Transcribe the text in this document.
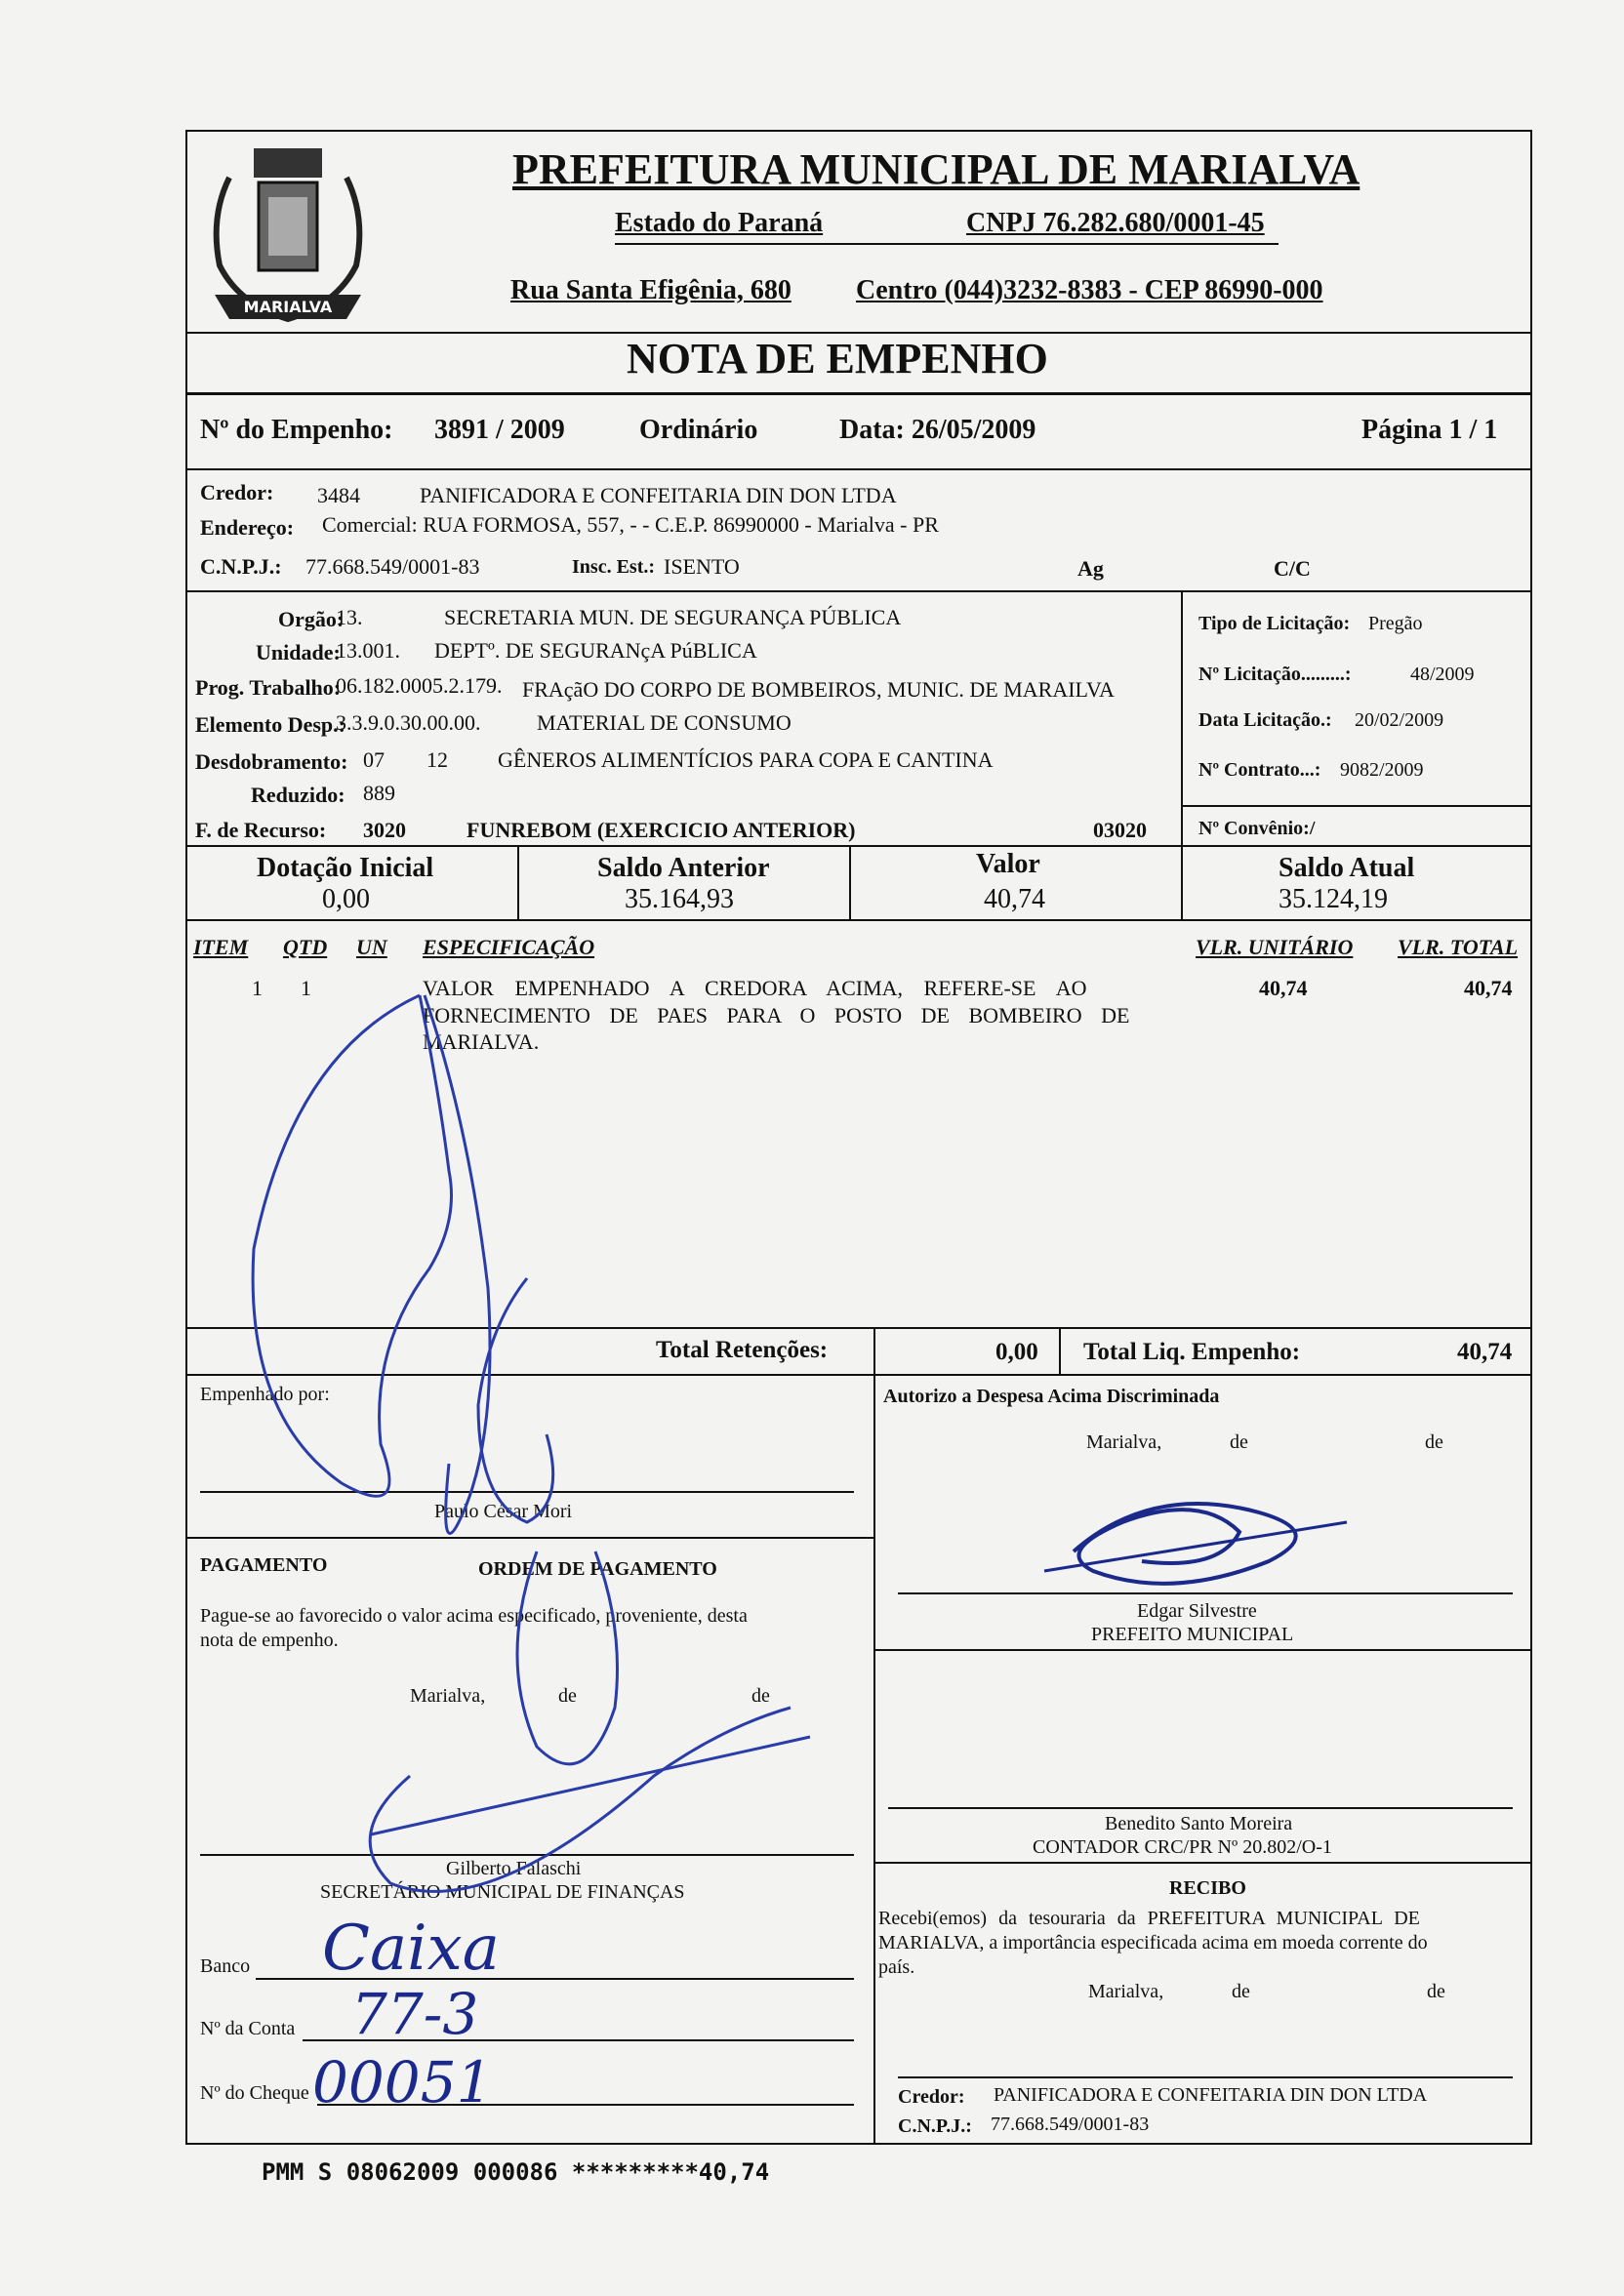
MARIALVA
PREFEITURA MUNICIPAL DE MARIALVA
Estado do Paraná	CNPJ 76.282.680/0001-45
Rua Santa Efigênia, 680 Centro (044)3232-8383 - CEP 86990-000
NOTA DE EMPENHO
Nº do Empenho: 3891 / 2009	Ordinário	Data: 26/05/2009	Página 1 / 1
Credor: 3484	PANIFICADORA E CONFEITARIA DIN DON LTDA
Endereço: Comercial: RUA FORMOSA, 557, - - C.E.P. 86990000 - Marialva - PR
C.N.P.J.: 77.668.549/0001-83	Insc. Est.: ISENTO	Ag	C/C
Orgão:
13.	SECRETARIA MUN. DE SEGURANÇA PÚBLICA
Unidade:
13.001. DEPTº. DE SEGURANçA PúBLICA
Prog. Trabalho:
06.182.0005.2.179. FRAçãO DO CORPO DE BOMBEIROS, MUNIC. DE MARAILVA
Elemento Desp.:
3.3.9.0.30.00.00.	MATERIAL DE CONSUMO
Desdobramento: 07 12 GÊNEROS ALIMENTÍCIOS PARA COPA E CANTINA
Reduzido: 889
F. de Recurso: 3020	FUNREBOM (EXERCICIO ANTERIOR)	03020
Tipo de Licitação: Pregão
Nº Licitação.........:	48/2009
Data Licitação.: 20/02/2009
Nº Contrato...: 9082/2009
Nº Convênio:/
Dotação Inicial
0,00
Saldo Anterior
35.164,93
Valor
40,74
Saldo Atual
35.124,19
ITEM QTD UN ESPECIFICAÇÃO	VLR. UNITÁRIO VLR. TOTAL
1 1	VALOR EMPENHADO A CREDORA ACIMA, REFERE-SE AO
FORNECIMENTO DE PAES PARA O POSTO DE BOMBEIRO DE
MARIALVA.
40,74	40,74
Total Retenções:	0,00 Total Liq. Empenho:	40,74
Empenhado por:
Paulo César Mori
Autorizo a Despesa Acima Discriminada
Marialva,	de	de
Edgar Silvestre
PREFEITO MUNICIPAL
PAGAMENTO	ORDEM DE PAGAMENTO
Pague-se ao favorecido o valor acima especificado, proveniente, desta
nota de empenho.
Marialva,	de	de
Gilberto Falaschi
SECRETÁRIO MUNICIPAL DE FINANÇAS
Benedito Santo Moreira
CONTADOR CRC/PR Nº 20.802/O-1
RECIBO
Recebi(emos) da tesouraria da PREFEITURA MUNICIPAL DE
MARIALVA, a importância especificada acima em moeda corrente do
país.
Marialva,	de	de
Credor: PANIFICADORA E CONFEITARIA DIN DON LTDA
C.N.P.J.: 77.668.549/0001-83
Banco Caixa
Nº da Conta 77-3
Nº do Cheque 00051
PMM S 08062009 000086 *********40,74
